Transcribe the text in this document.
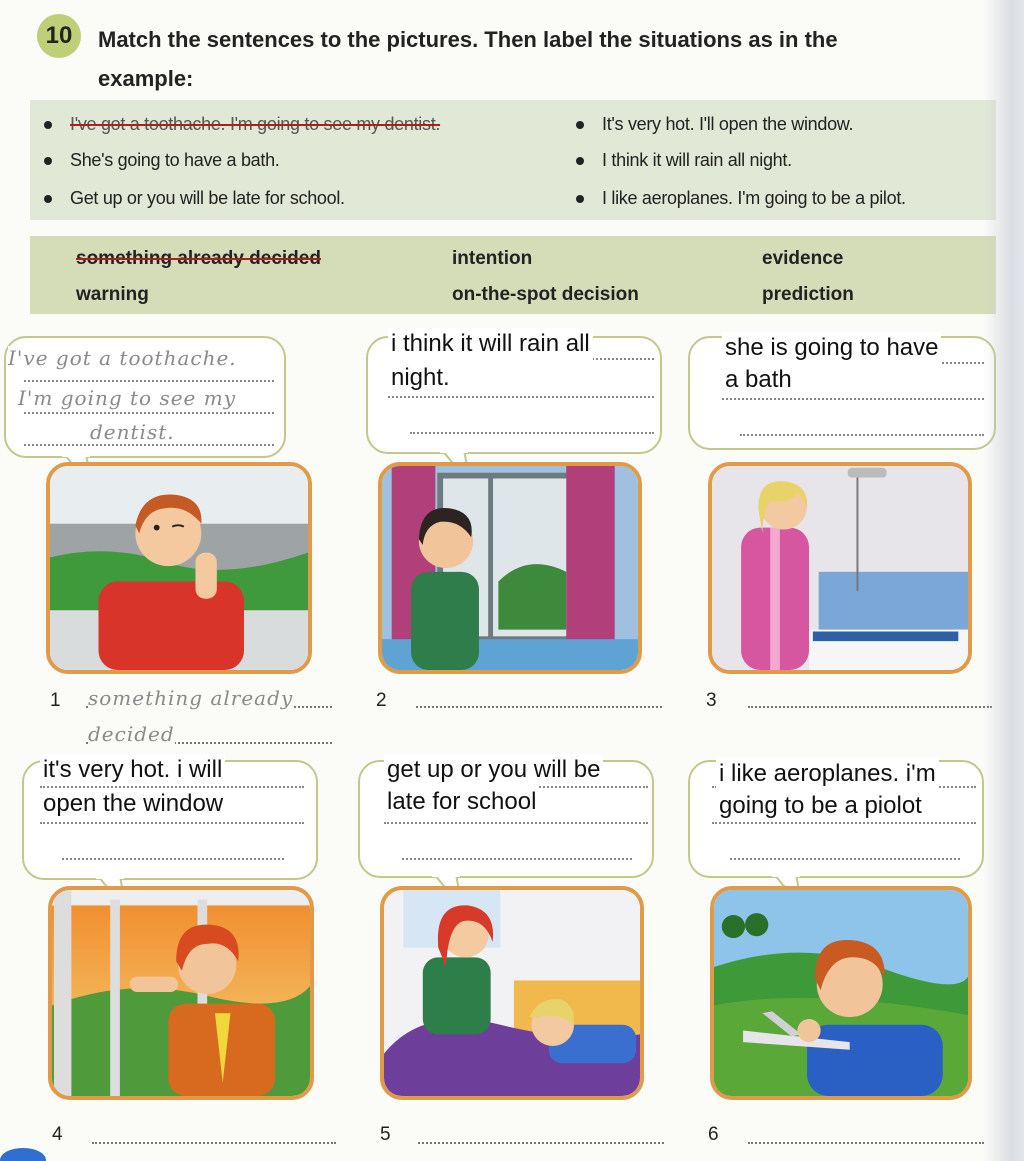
10	Match the sentences to the pictures. Then label the situations as in the
example:
I've got a toothache. I'm going to see my dentist.
She's going to have a bath.
Get up or you will be late for school.
It's very hot. I'll open the window.
I think it will rain all night.
I like aeroplanes. I'm going to be a pilot.
something already decided	intention	evidence
warning	on-the-spot decision	prediction
I've got a toothache.
I'm going to see my
dentist.
i think it will rain all
night.
she is going to have
a bath
1 something already
decided
2	3
it's very hot. i will
open the window
get up or you will be
late for school
i like aeroplanes. i'm
going to be a piolot
4	5	6
